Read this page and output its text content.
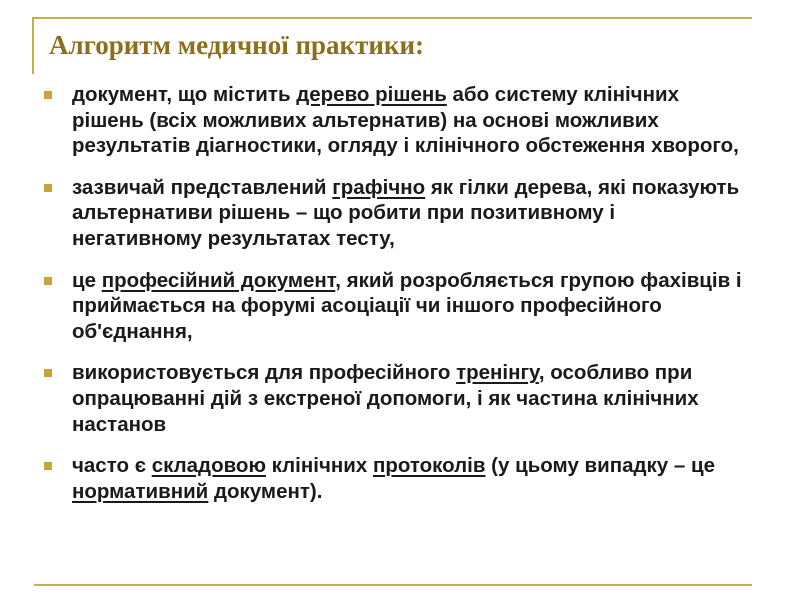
Алгоритм медичної практики:
документ, що містить дерево рішень або систему клінічних рішень (всіх можливих альтернатив) на основі можливих результатів діагностики, огляду і клінічного обстеження хворого,
зазвичай представлений графічно як гілки дерева, які показують альтернативи рішень – що робити при позитивному і негативному результатах тесту,
це професійний документ, який розробляється групою фахівців і приймається на форумі асоціації чи іншого професійного об'єднання,
використовується для професійного тренінгу, особливо при опрацюванні дій з екстреної допомоги, і як частина клінічних настанов
часто є складовою клінічних протоколів (у цьому випадку – це нормативний документ).
